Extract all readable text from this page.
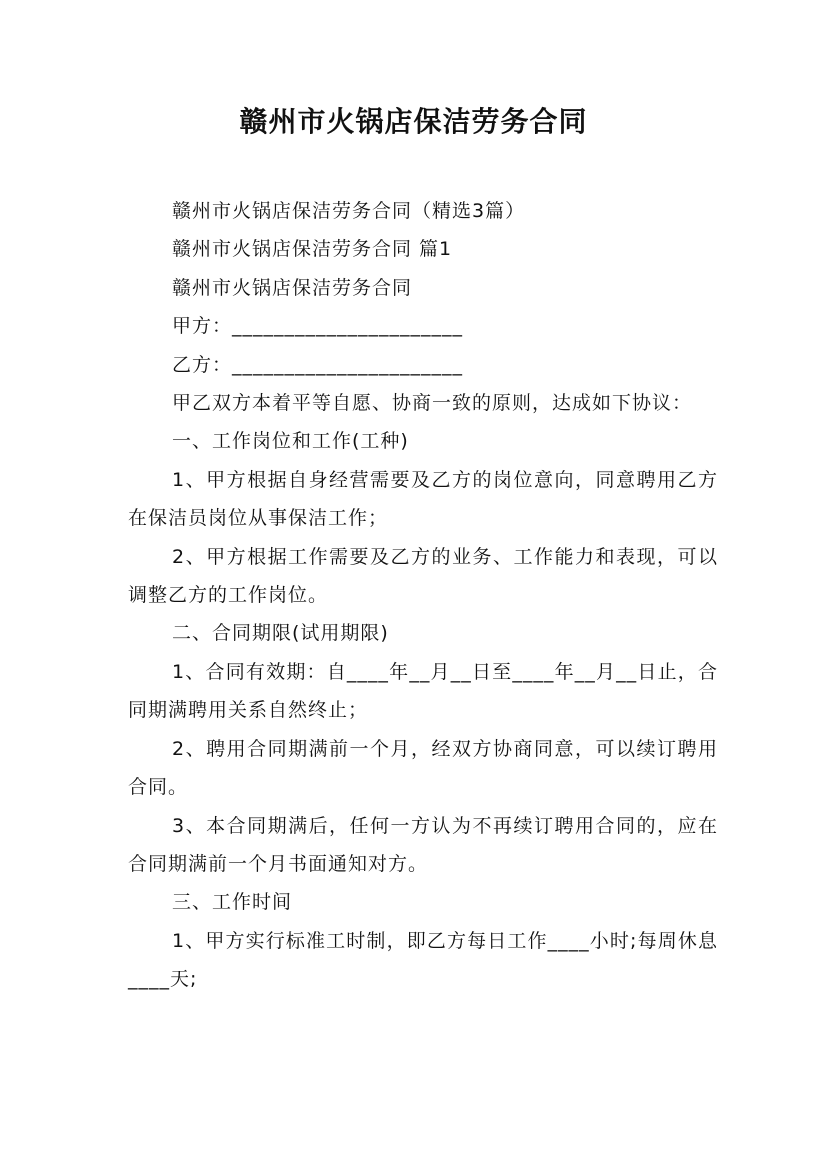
赣州市火锅店保洁劳务合同

赣州市火锅店保洁劳务合同（精选3篇）

赣州市火锅店保洁劳务合同 篇1

赣州市火锅店保洁劳务合同

甲方：______________________

乙方：______________________

甲乙双方本着平等自愿、协商一致的原则，达成如下协议：

一、工作岗位和工作(工种)

1、甲方根据自身经营需要及乙方的岗位意向，同意聘用乙方在保洁员岗位从事保洁工作；

2、甲方根据工作需要及乙方的业务、工作能力和表现，可以调整乙方的工作岗位。

二、合同期限(试用期限)

1、合同有效期：自____年__月__日至____年__月__日止，合同期满聘用关系自然终止；

2、聘用合同期满前一个月，经双方协商同意，可以续订聘用合同。

3、本合同期满后，任何一方认为不再续订聘用合同的，应在合同期满前一个月书面通知对方。

三、工作时间

1、甲方实行标准工时制，即乙方每日工作____小时;每周休息____天;
